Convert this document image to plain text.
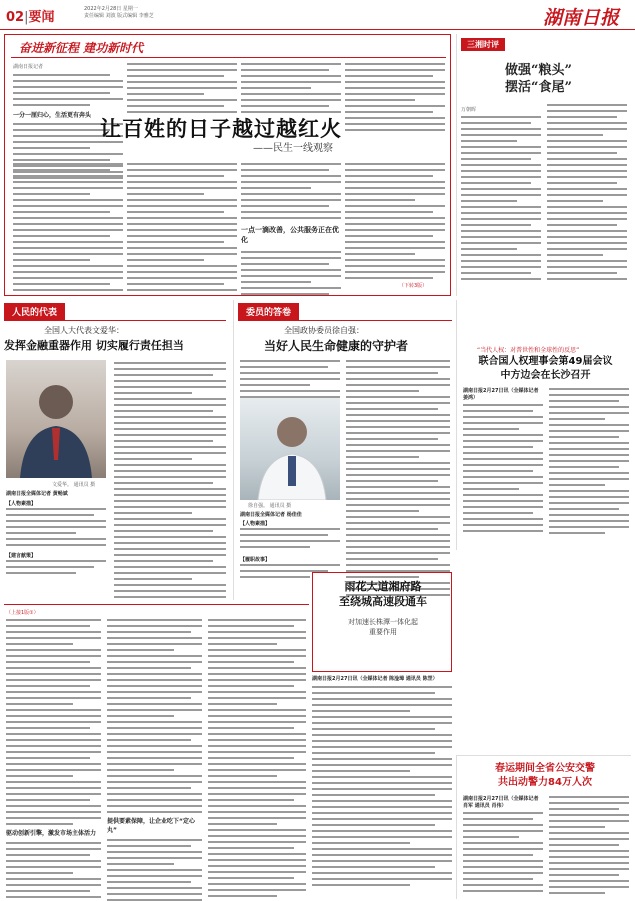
02|要闻
2022年2月28日 星期一
责任编辑 刘波 版式编辑 李雅芝	湖南日报
奋进新征程 建功新时代
湖南日报记者
一分一厘归心，生活更有奔头
让百姓的日子越过越红火
——民生一线观察
一点一滴改善，公共服务正在优化
（下转3版）
三湘时评
做强“粮头”
摆活“食尾”
万朝晖
人民的代表
全国人大代表文爱华：
发挥金融重器作用 切实履行责任担当
文爱华。 通讯员 摄
湖南日报全媒体记者 黄畅斌
【人物素描】
【建言献策】
委员的答卷
全国政协委员徐自强：
当好人民生命健康的守护者
徐自强。 通讯员 摄
湖南日报全媒体记者 杨佳佳
【人物素描】
【履职故事】
“当代人权：对普世性和全球性的反思”
联合国人权理事会第49届会议
中方边会在长沙召开
湖南日报2月27日讯（全媒体记者 姜鸿）
（上接1版①）
驱动创新引擎，激发市场主体活力
提供要素保障，让企业吃下“定心丸”
雨花大道湘府路
至绕城高速段通车
对加速长株潭一体化起
重要作用
湖南日报2月27日讯（全媒体记者 陈淦璋 通讯员 陈罡）
春运期间全省公安交警
共出动警力84万人次
湖南日报2月27日讯（全媒体记者 肖军 通讯员 肖伟）
